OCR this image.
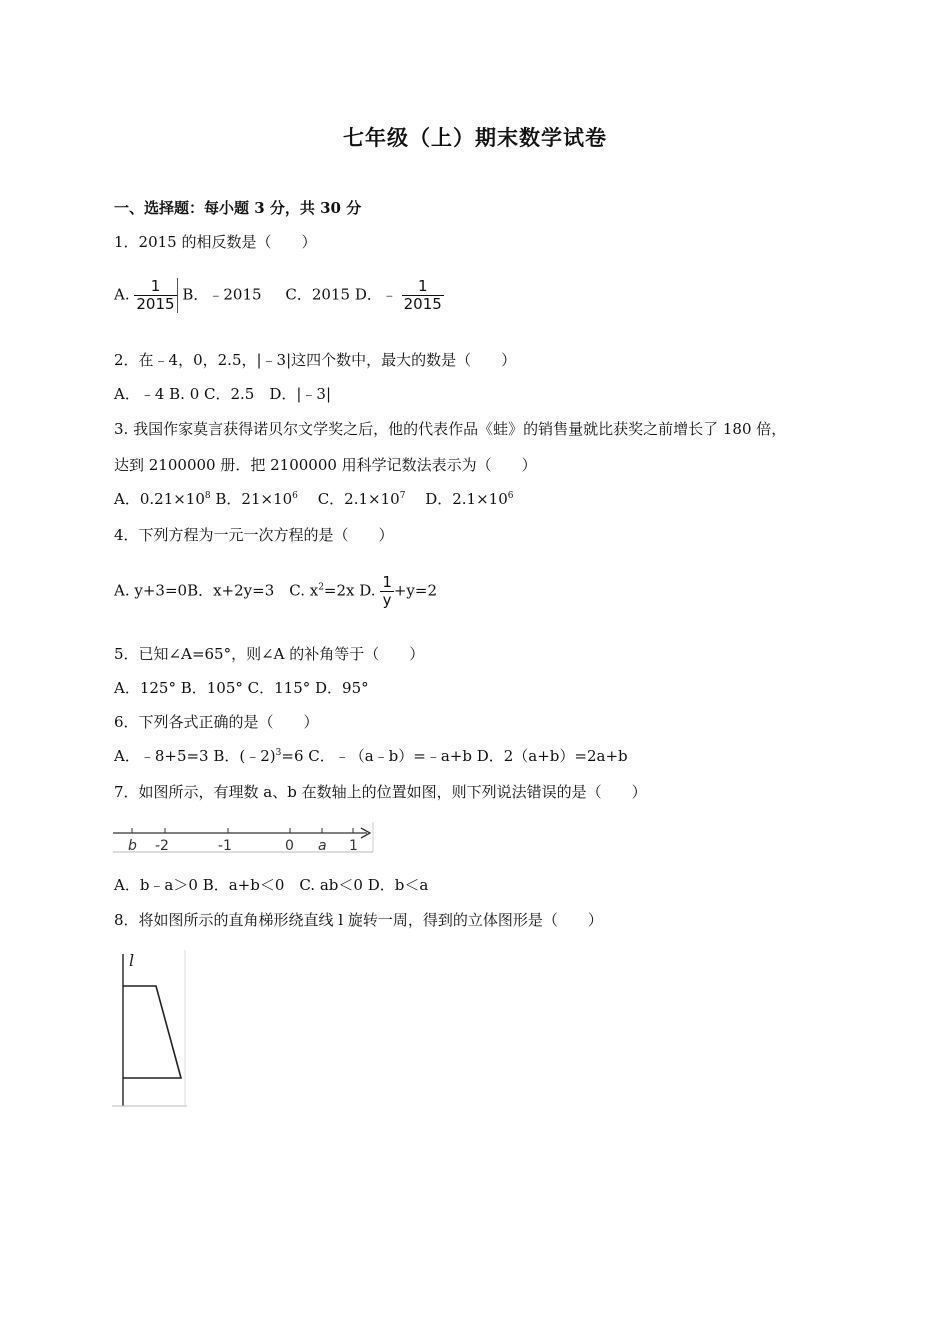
七年级（上）期末数学试卷
一、选择题：每小题 3 分，共 30 分
1．2015 的相反数是（　　）
A. $\frac{1}{2015}$ B．﹣2015 C．2015 D．﹣ $\frac{1}{2015}$
2．在﹣4，0，2.5，|﹣3|这四个数中，最大的数是（　　）
A．﹣4 B. 0 C．2.5　D．|﹣3|
3. 我国作家莫言获得诺贝尔文学奖之后，他的代表作品《蛙》的销售量就比获奖之前增长了 180 倍，
达到 2100000 册．把 2100000 用科学记数法表示为（　　）
A．$0.21\times 10^8$ B．$21\times 10^6$ 　C．$2.1\times 10^7$ 　D．$2.1\times 10^6$
4．下列方程为一元一次方程的是（　　）
A. y+3=0B．x+2y=3　C. $x^2=2x$ D. $\frac{1}{y} +y=2$
5．已知∠A=65°，则∠A 的补角等于（　　）
A．125° B．105° C．115° D．95°
6．下列各式正确的是（　　）
A．﹣8+5=3 B．(﹣2)$^3$=6 C．﹣（a﹣b）=﹣a+b D．2（a+b）=2a+b
7．如图所示，有理数 a、b 在数轴上的位置如图，则下列说法错误的是（　　）
b -2	-1	0 a 1
A．b﹣a＞0 B．a+b＜0　C. ab＜0 D．b＜a
8．将如图所示的直角梯形绕直线 l 旋转一周，得到的立体图形是（　　）
l
